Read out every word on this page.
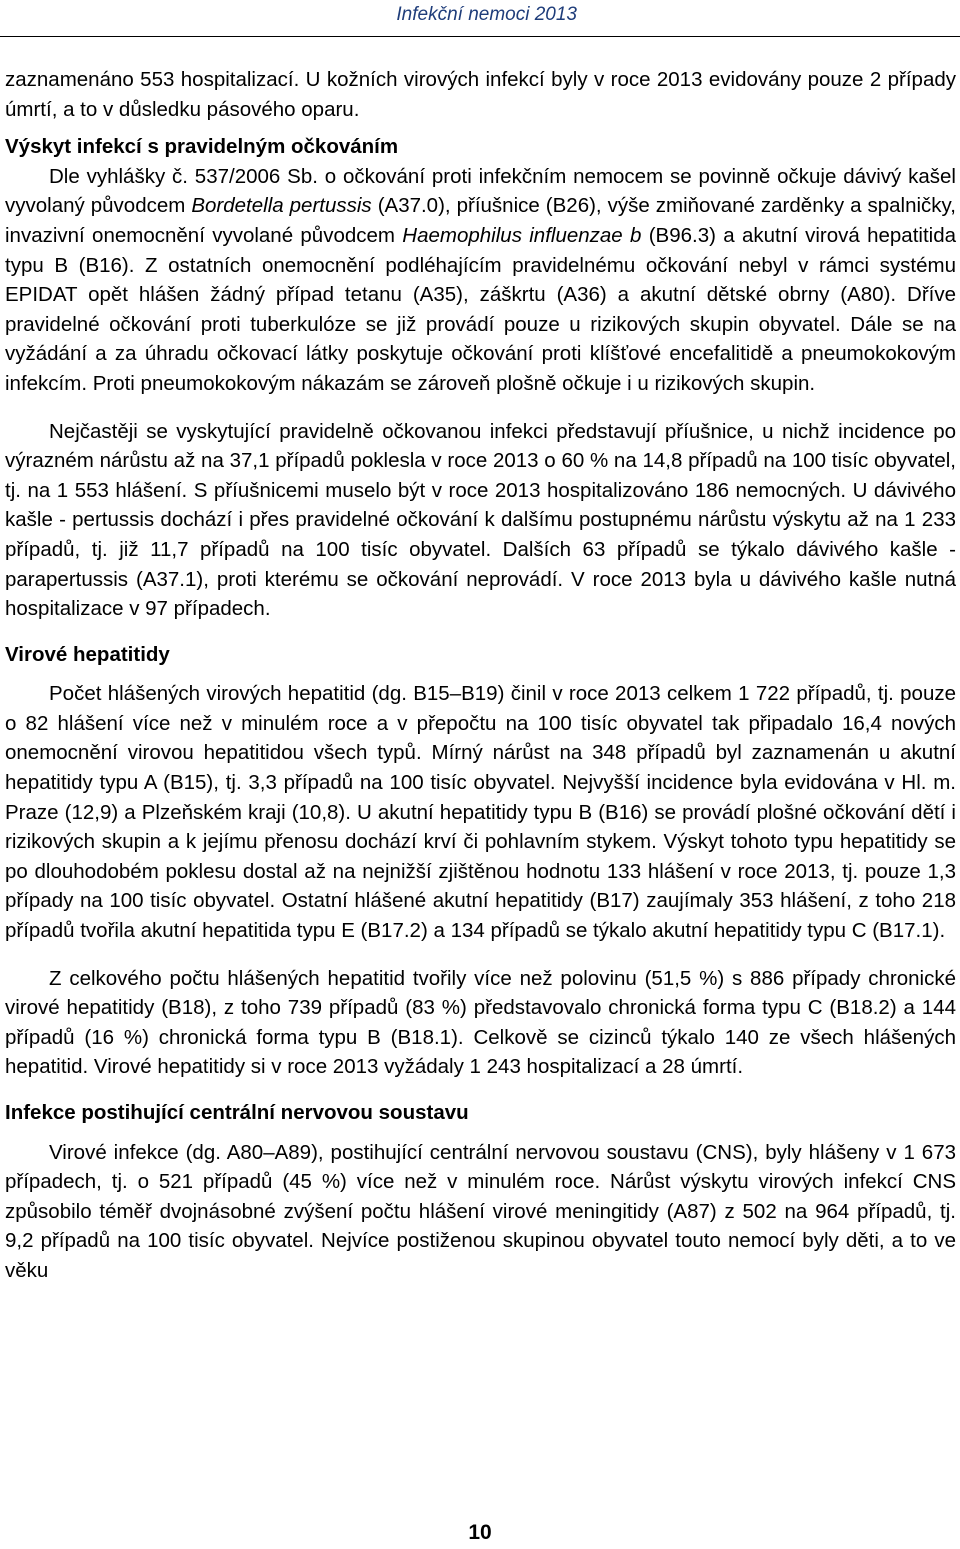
Infekční nemoci 2013

zaznamenáno 553 hospitalizací. U kožních virových infekcí byly v roce 2013 evidovány pouze 2 případy úmrtí, a to v důsledku pásového oparu.

Výskyt infekcí s pravidelným očkováním

Dle vyhlášky č. 537/2006 Sb. o očkování proti infekčním nemocem se povinně očkuje dávivý kašel vyvolaný původcem Bordetella pertussis (A37.0), příušnice (B26), výše zmiňované zarděnky a spalničky, invazivní onemocnění vyvolané původcem Haemophilus influenzae b (B96.3) a akutní virová hepatitida typu B (B16). Z ostatních onemocnění podléhajícím pravidelnému očkování nebyl v rámci systému EPIDAT opět hlášen žádný případ tetanu (A35), záškrtu (A36) a akutní dětské obrny (A80). Dříve pravidelné očkování proti tuberkulóze se již provádí pouze u rizikových skupin obyvatel. Dále se na vyžádání a za úhradu očkovací látky poskytuje očkování proti klíšťové encefalitidě a pneumokokovým infekcím. Proti pneumokokovým nákazám se zároveň plošně očkuje i u rizikových skupin.

Nejčastěji se vyskytující pravidelně očkovanou infekci představují příušnice, u nichž incidence po výrazném nárůstu až na 37,1 případů poklesla v roce 2013 o 60 % na 14,8 případů na 100 tisíc obyvatel, tj. na 1 553 hlášení. S příušnicemi muselo být v roce 2013 hospitalizováno 186 nemocných. U dávivého kašle - pertussis dochází i přes pravidelné očkování k dalšímu postupnému nárůstu výskytu až na 1 233 případů, tj. již 11,7 případů na 100 tisíc obyvatel. Dalších 63 případů se týkalo dávivého kašle - parapertussis (A37.1), proti kterému se očkování neprovádí. V roce 2013 byla u dávivého kašle nutná hospitalizace v 97 případech.

Virové hepatitidy

Počet hlášených virových hepatitid (dg. B15–B19) činil v roce 2013 celkem 1 722 případů, tj. pouze o 82 hlášení více než v minulém roce a v přepočtu na 100 tisíc obyvatel tak připadalo 16,4 nových onemocnění virovou hepatitidou všech typů. Mírný nárůst na 348 případů byl zaznamenán u akutní hepatitidy typu A (B15), tj. 3,3 případů na 100 tisíc obyvatel. Nejvyšší incidence byla evidována v Hl. m. Praze (12,9) a Plzeňském kraji (10,8). U akutní hepatitidy typu B (B16) se provádí plošné očkování dětí i rizikových skupin a k jejímu přenosu dochází krví či pohlavním stykem. Výskyt tohoto typu hepatitidy se po dlouhodobém poklesu dostal až na nejnižší zjištěnou hodnotu 133 hlášení v roce 2013, tj. pouze 1,3 případy na 100 tisíc obyvatel. Ostatní hlášené akutní hepatitidy (B17) zaujímaly 353 hlášení, z toho 218 případů tvořila akutní hepatitida typu E (B17.2) a 134 případů se týkalo akutní hepatitidy typu C (B17.1).

Z celkového počtu hlášených hepatitid tvořily více než polovinu (51,5 %) s 886 případy chronické virové hepatitidy (B18), z toho 739 případů (83 %) představovalo chronická forma typu C (B18.2) a 144 případů (16 %) chronická forma typu B (B18.1). Celkově se cizinců týkalo 140 ze všech hlášených hepatitid. Virové hepatitidy si v roce 2013 vyžádaly 1 243 hospitalizací a 28 úmrtí.

Infekce postihující centrální nervovou soustavu

Virové infekce (dg. A80–A89), postihující centrální nervovou soustavu (CNS), byly hlášeny v 1 673 případech, tj. o 521 případů (45 %) více než v minulém roce. Nárůst výskytu virových infekcí CNS způsobilo téměř dvojnásobné zvýšení počtu hlášení virové meningitidy (A87) z 502 na 964 případů, tj. 9,2 případů na 100 tisíc obyvatel. Nejvíce postiženou skupinou obyvatel touto nemocí byly děti, a to ve věku

10
